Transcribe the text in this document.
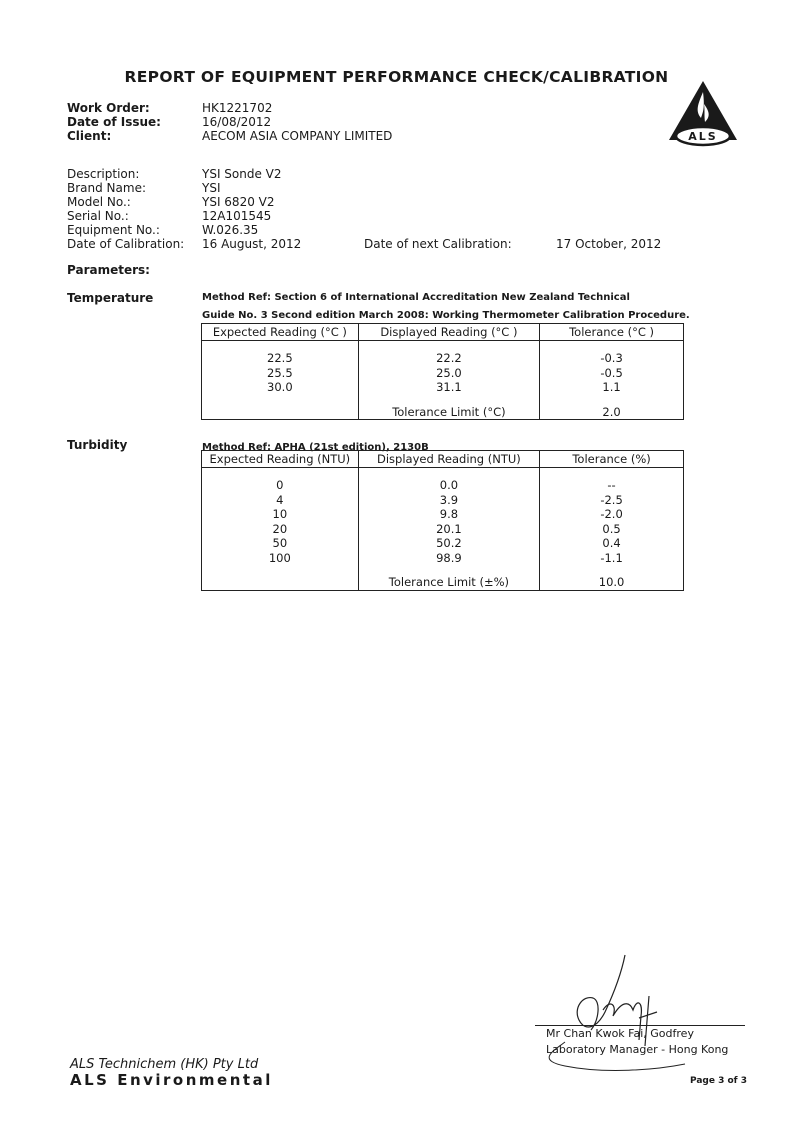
REPORT OF EQUIPMENT PERFORMANCE CHECK/CALIBRATION
ALS
Work Order:	HK1221702
Date of Issue:	16/08/2012
Client:	AECOM ASIA COMPANY LIMITED
Description:	YSI Sonde V2
Brand Name:	YSI
Model No.:	YSI 6820 V2
Serial No.:	12A101545
Equipment No.:	W.026.35
Date of Calibration: 16 August, 2012	Date of next Calibration:	17 October, 2012
Parameters:
Temperature	Method Ref: Section 6 of International Accreditation New Zealand Technical
Guide No. 3 Second edition March 2008: Working Thermometer Calibration Procedure.
Expected Reading (°C )	Displayed Reading (°C )	Tolerance (°C )

22.5	22.2	-0.3
25.5	25.0	-0.5
30.0	31.1	1.1

	Tolerance Limit (°C)	2.0
Turbidity	Method Ref: APHA (21st edition), 2130B
Expected Reading (NTU)	Displayed Reading (NTU)	Tolerance (%)

0	0.0	--
4	3.9	-2.5
10	9.8	-2.0
20	20.1	0.5
50	50.2	0.4
100	98.9	-1.1

	Tolerance Limit (±%)	10.0
Mr Chan Kwok Fai, Godfrey
Laboratory Manager - Hong Kong
ALS Technichem (HK) Pty Ltd
ALS Environmental	Page 3 of 3
